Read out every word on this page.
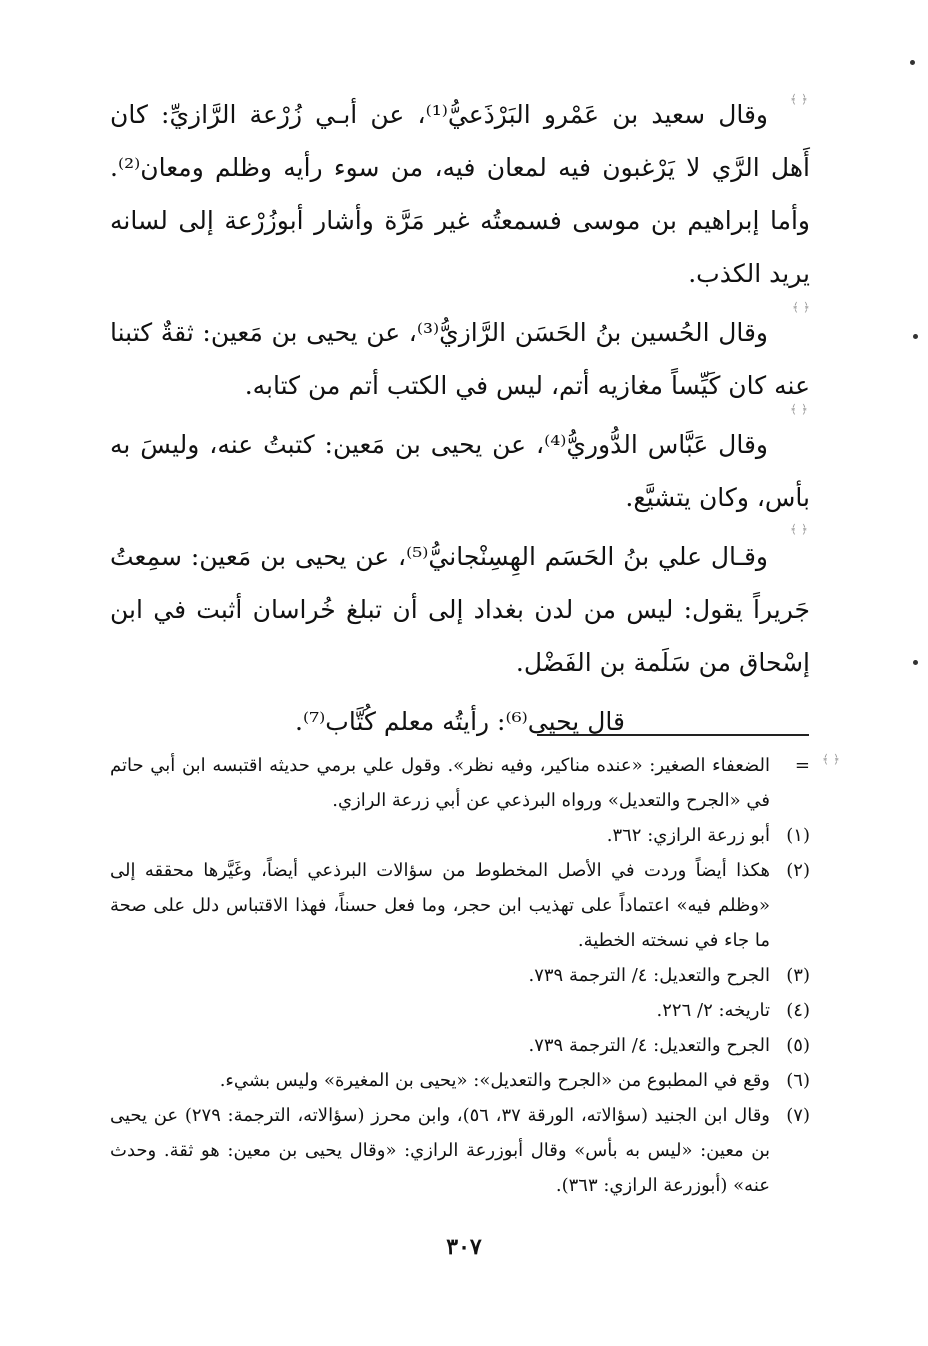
﴿ ﴾
﴿ ﴾
﴿ ﴾
﴿ ﴾
﴿ ﴾

وقال سعيد بن عَمْرو البَرْذَعيُّ⁽¹⁾، عن أبـي زُرْعة الرَّازيِّ: كان أَهل الرَّي لا يَرْغبون فيه لمعان فيه، من سوء رأيه وظلم ومعان⁽²⁾. وأما إبراهيم بن موسى فسمعتُه غير مَرَّة وأشار أبوزُرْعة إلى لسانه يريد الكذب.

وقال الحُسين بنُ الحَسَن الرَّازيُّ⁽³⁾، عن يحيى بن مَعين: ثقةٌ كتبنا عنه كان كَيِّساً مغازيه أتم، ليس في الكتب أتم من كتابه.

وقال عَبَّاس الدُّوريُّ⁽⁴⁾، عن يحيى بن مَعين: كتبتُ عنه، وليسَ به بأس، وكان يتشيَّع.

وقـال علي بنُ الحَسَم الهِسِنْجانيُّ⁽⁵⁾، عن يحيى بن مَعين: سمِعتُ جَريراً يقول: ليس من لدن بغداد إلى أن تبلغ خُراسان أثبت في ابن إسْحاق من سَلَمة بن الفَضْل.

قال يحيى⁽⁶⁾: رأيتُه معلم كُتَّاب⁽⁷⁾.

=
الضعفاء الصغير: «عنده مناكير، وفيه نظر». وقول علي برمي حديثه اقتبسه ابن أبي حاتم في «الجرح والتعديل» ورواه البرذعي عن أبي زرعة الرازي.
(١)
أبو زرعة الرازي: ٣٦٢.
(٢)
هكذا أيضاً وردت في الأصل المخطوط من سؤالات البرذعي أيضاً، وغَيَّرها محققه إلى «وظلم فيه» اعتماداً على تهذيب ابن حجر، وما فعل حسناً، فهذا الاقتباس دلل على صحة ما جاء في نسخته الخطية.
(٣)
الجرح والتعديل: ٤/ الترجمة ٧٣٩.
(٤)
تاريخه: ٢/ ٢٢٦.
(٥)
الجرح والتعديل: ٤/ الترجمة ٧٣٩.
(٦)
وقع في المطبوع من «الجرح والتعديل»: «يحيى بن المغيرة» وليس بشيء.
(٧)
وقال ابن الجنيد (سؤالاته، الورقة ٣٧، ٥٦)، وابن محرز (سؤالاته، الترجمة: ٢٧٩) عن يحيى بن معين: «ليس به بأس» وقال أبوزرعة الرازي: «وقال يحيى بن معين: هو ثقة. وحدث عنه» (أبوزرعة الرازي: ٣٦٣).
٣٠٧
